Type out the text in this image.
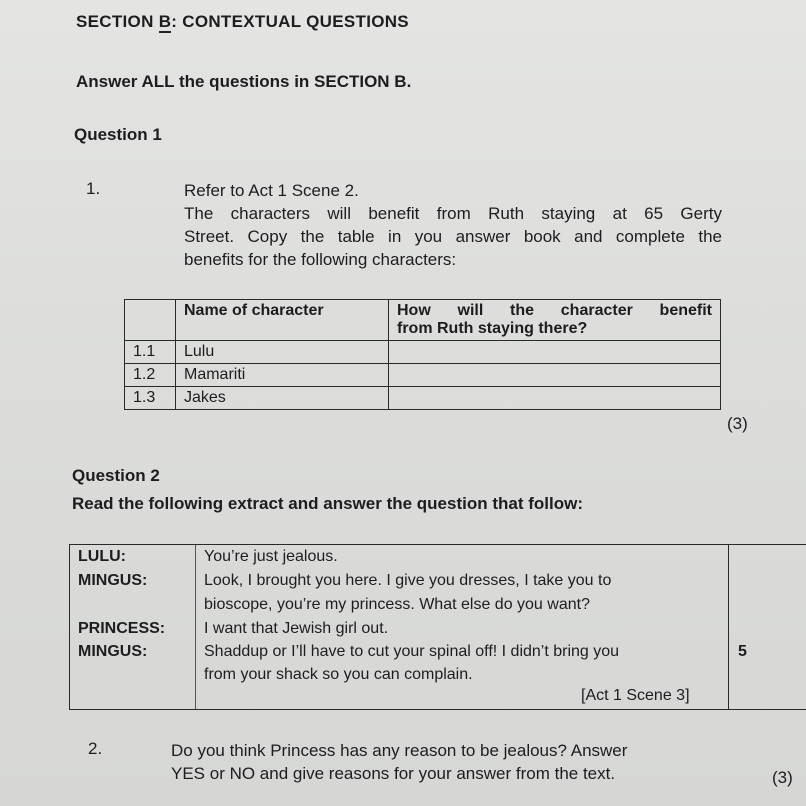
SECTION B: CONTEXTUAL QUESTIONS
Answer ALL the questions in SECTION B.
Question 1
1.	Refer to Act 1 Scene 2.

The characters will benefit from Ruth staying at 65 Gerty

Street. Copy the table in you answer book and complete the

benefits for the following characters:

	Name of character	How will the character benefit
from Ruth staying there?

1.1	Lulu	
1.2	Mamariti	
1.3	Jakes	
(3)
Question 2
Read the following extract and answer the question that follow:
LULU:	You’re just jealous.
MINGUS:	Look, I brought you here. I give you dresses, I take you to
bioscope, you’re my princess. What else do you want?
PRINCESS: I want that Jewish girl out.
MINGUS:	Shaddup or I’ll have to cut your spinal off! I didn’t bring you	5
from your shack so you can complain.
[Act 1 Scene 3]
2.	Do you think Princess has any reason to be jealous? Answer

YES or NO and give reasons for your answer from the text.	(3)
